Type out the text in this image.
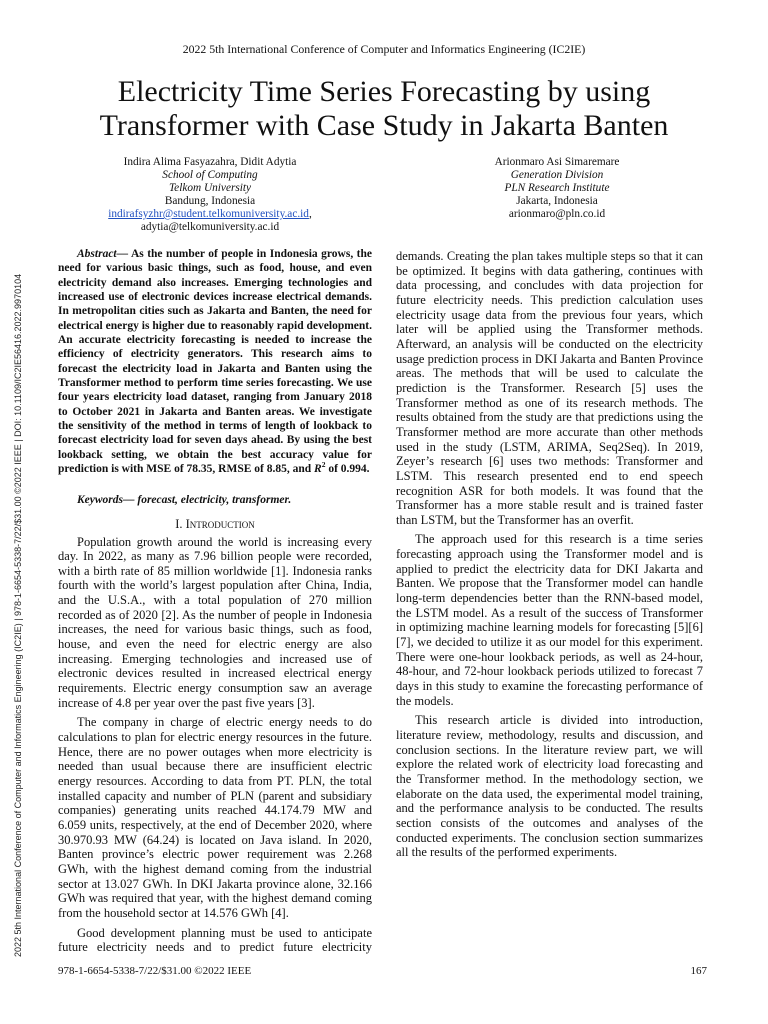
2022 5th International Conference of Computer and Informatics Engineering (IC2IE)
Electricity Time Series Forecasting by using
Transformer with Case Study in Jakarta Banten
Indira Alima Fasyazahra, Didit Adytia
School of Computing
Telkom University
Bandung, Indonesia
indirafsyzhr@student.telkomuniversity.ac.id,
adytia@telkomuniversity.ac.id
Arionmaro Asi Simaremare
Generation Division
PLN Research Institute
Jakarta, Indonesia
arionmaro@pln.co.id
2022 5th International Conference of Computer and Informatics Engineering (IC2IE) | 978-1-6654-5338-7/22/$31.00 ©2022 IEEE | DOI: 10.1109/IC2IE56416.2022.9970104

Abstract— As the number of people in Indonesia grows, the need for various basic things, such as food, house, and even electricity demand also increases. Emerging technologies and increased use of electronic devices increase electrical demands. In metropolitan cities such as Jakarta and Banten, the need for electrical energy is higher due to reasonably rapid development. An accurate electricity forecasting is needed to increase the efficiency of electricity generators. This research aims to forecast the electricity load in Jakarta and Banten using the Transformer method to perform time series forecasting. We use four years electricity load dataset, ranging from January 2018 to October 2021 in Jakarta and Banten areas. We investigate the sensitivity of the method in terms of length of lookback to forecast electricity load for seven days ahead. By using the best lookback setting, we obtain the best accuracy value for prediction is with MSE of 78.35, RMSE of 8.85, and $R^2$ of 0.994.

Keywords— forecast, electricity, transformer.

I. Introduction

Population growth around the world is increasing every day. In 2022, as many as 7.96 billion people were recorded, with a birth rate of 85 million worldwide [1]. Indonesia ranks fourth with the world’s largest population after China, India, and the U.S.A., with a total population of 270 million recorded as of 2020 [2]. As the number of people in Indonesia increases, the need for various basic things, such as food, house, and even the need for electric energy are also increasing. Emerging technologies and increased use of electronic devices resulted in increased electrical energy requirements. Electric energy consumption saw an average increase of 4.8 per year over the past five years [3].

The company in charge of electric energy needs to do calculations to plan for electric energy resources in the future. Hence, there are no power outages when more electricity is needed than usual because there are insufficient electric energy resources. According to data from PT. PLN, the total installed capacity and number of PLN (parent and subsidiary companies) generating units reached 44.174.79 MW and 6.059 units, respectively, at the end of December 2020, where 30.970.93 MW (64.24) is located on Java island. In 2020, Banten province’s electric power requirement was 2.268 GWh, with the highest demand coming from the industrial sector at 13.027 GWh. In DKI Jakarta province alone, 32.166 GWh was required that year, with the highest demand coming from the household sector at 14.576 GWh [4].

Good development planning must be used to anticipate future electricity needs and to predict future electricity

demands. Creating the plan takes multiple steps so that it can be optimized. It begins with data gathering, continues with data processing, and concludes with data projection for future electricity needs. This prediction calculation uses electricity usage data from the previous four years, which later will be applied using the Transformer methods. Afterward, an analysis will be conducted on the electricity usage prediction process in DKI Jakarta and Banten Province areas. The methods that will be used to calculate the prediction is the Transformer. Research [5] uses the Transformer method as one of its research methods. The results obtained from the study are that predictions using the Transformer method are more accurate than other methods used in the study (LSTM, ARIMA, Seq2Seq). In 2019, Zeyer’s research [6] uses two methods: Transformer and LSTM. This research presented end to end speech recognition ASR for both models. It was found that the Transformer has a more stable result and is trained faster than LSTM, but the Transformer has an overfit.

The approach used for this research is a time series forecasting approach using the Transformer model and is applied to predict the electricity data for DKI Jakarta and Banten. We propose that the Transformer model can handle long-term dependencies better than the RNN-based model, the LSTM model. As a result of the success of Transformer in optimizing machine learning models for forecasting [5][6][7], we decided to utilize it as our model for this experiment. There were one-hour lookback periods, as well as 24-hour, 48-hour, and 72-hour lookback periods utilized to forecast 7 days in this study to examine the forecasting performance of the models.

This research article is divided into introduction, literature review, methodology, results and discussion, and conclusion sections. In the literature review part, we will explore the related work of electricity load forecasting and the Transformer method. In the methodology section, we elaborate on the data used, the experimental model training, and the performance analysis to be conducted. The results section consists of the outcomes and analyses of the conducted experiments. The conclusion section summarizes all the results of the performed experiments.

978-1-6654-5338-7/22/$31.00 ©2022 IEEE	167
